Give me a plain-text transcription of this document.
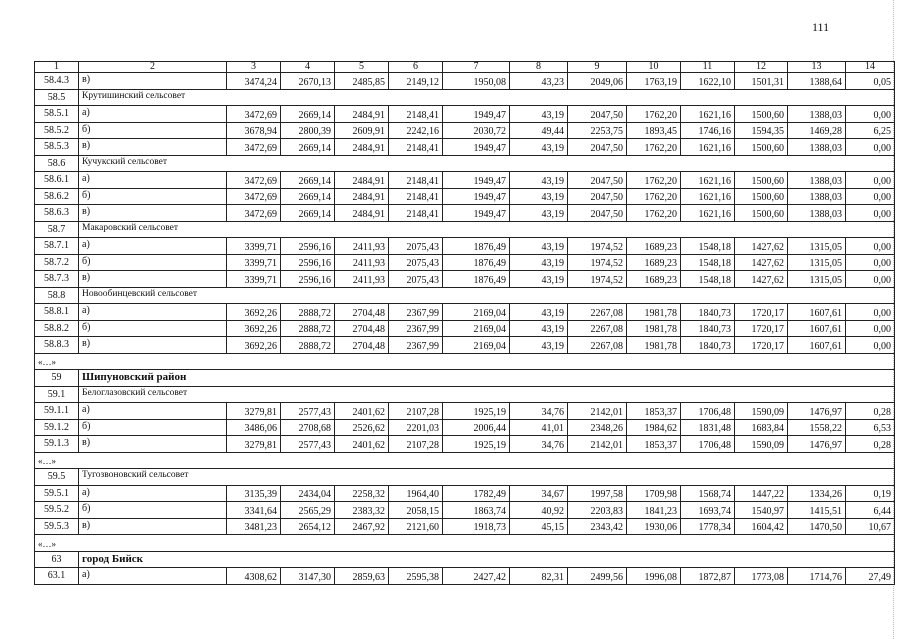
111
1	2	3	4	5	6	7	8	9	10	11	12	13	14
58.4.3	в)	3474,24	2670,13	2485,85	2149,12	1950,08	43,23	2049,06	1763,19	1622,10	1501,31	1388,64	0,05
58.5	Крутишинский сельсовет												
58.5.1	а)	3472,69	2669,14	2484,91	2148,41	1949,47	43,19	2047,50	1762,20	1621,16	1500,60	1388,03	0,00
58.5.2	б)	3678,94	2800,39	2609,91	2242,16	2030,72	49,44	2253,75	1893,45	1746,16	1594,35	1469,28	6,25
58.5.3	в)	3472,69	2669,14	2484,91	2148,41	1949,47	43,19	2047,50	1762,20	1621,16	1500,60	1388,03	0,00
58.6	Кучукский сельсовет												
58.6.1	а)	3472,69	2669,14	2484,91	2148,41	1949,47	43,19	2047,50	1762,20	1621,16	1500,60	1388,03	0,00
58.6.2	б)	3472,69	2669,14	2484,91	2148,41	1949,47	43,19	2047,50	1762,20	1621,16	1500,60	1388,03	0,00
58.6.3	в)	3472,69	2669,14	2484,91	2148,41	1949,47	43,19	2047,50	1762,20	1621,16	1500,60	1388,03	0,00
58.7	Макаровский сельсовет												
58.7.1	а)	3399,71	2596,16	2411,93	2075,43	1876,49	43,19	1974,52	1689,23	1548,18	1427,62	1315,05	0,00
58.7.2	б)	3399,71	2596,16	2411,93	2075,43	1876,49	43,19	1974,52	1689,23	1548,18	1427,62	1315,05	0,00
58.7.3	в)	3399,71	2596,16	2411,93	2075,43	1876,49	43,19	1974,52	1689,23	1548,18	1427,62	1315,05	0,00
58.8	Новообинцевский сельсовет												
58.8.1	а)	3692,26	2888,72	2704,48	2367,99	2169,04	43,19	2267,08	1981,78	1840,73	1720,17	1607,61	0,00
58.8.2	б)	3692,26	2888,72	2704,48	2367,99	2169,04	43,19	2267,08	1981,78	1840,73	1720,17	1607,61	0,00
58.8.3	в)	3692,26	2888,72	2704,48	2367,99	2169,04	43,19	2267,08	1981,78	1840,73	1720,17	1607,61	0,00
«…»													
59	Шипуновский район												
59.1	Белоглазовский сельсовет												
59.1.1	а)	3279,81	2577,43	2401,62	2107,28	1925,19	34,76	2142,01	1853,37	1706,48	1590,09	1476,97	0,28
59.1.2	б)	3486,06	2708,68	2526,62	2201,03	2006,44	41,01	2348,26	1984,62	1831,48	1683,84	1558,22	6,53
59.1.3	в)	3279,81	2577,43	2401,62	2107,28	1925,19	34,76	2142,01	1853,37	1706,48	1590,09	1476,97	0,28
«…»													
59.5	Тугозвоновский сельсовет												
59.5.1	а)	3135,39	2434,04	2258,32	1964,40	1782,49	34,67	1997,58	1709,98	1568,74	1447,22	1334,26	0,19
59.5.2	б)	3341,64	2565,29	2383,32	2058,15	1863,74	40,92	2203,83	1841,23	1693,74	1540,97	1415,51	6,44
59.5.3	в)	3481,23	2654,12	2467,92	2121,60	1918,73	45,15	2343,42	1930,06	1778,34	1604,42	1470,50	10,67
«…»													
63	город Бийск												
63.1	а)	4308,62	3147,30	2859,63	2595,38	2427,42	82,31	2499,56	1996,08	1872,87	1773,08	1714,76	27,49
